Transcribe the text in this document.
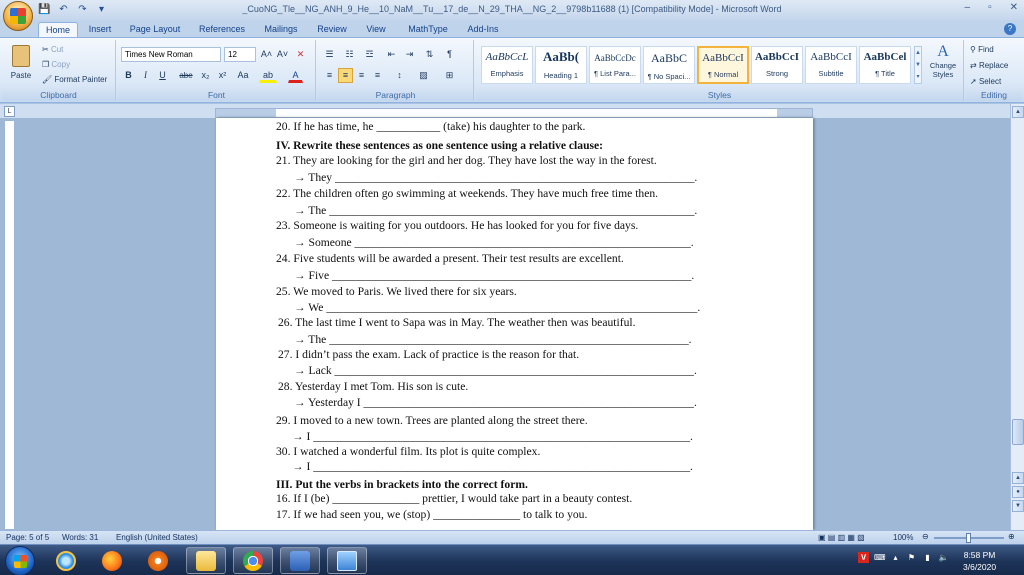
💾 ↶ ↷	▾	_CuoNG_Tle__NG_ANH_9_He__10_NaM__Tu__17_de__N_29_THA__NG_2__9798b11688 (1) [Compatibility Mode] - Microsoft Word	– ▫ ✕
Home	Insert	Page Layout	References	Mailings	Review	View	MathType	Add-Ins	?
Paste
✂ Cut
❐ Copy
🖌 Format Painter
Clipboard
Times New Roman	12	A˄ A˅ ✕
B	I	U	abe x₂	x²	Aa	ab	A
Font
☰	☷	☲	⇤	⇥	⇅	¶
≡	≡	≡	≡	↕	▨	⊞
Paragraph
AaBbCcL
Emphasis
AaBb(
Heading 1
AaBbCcDc
¶ List Para...
AaBbC
¶ No Spaci...
AaBbCcI
¶ Normal
AaBbCcI
Strong
AaBbCcI
Subtitle
AaBbCel
¶ Title
▲
▼
▾
A
Change Styles
Styles
⚲ Find
⇄ Replace
➚ Select
Editing
L
20. If he has time, he ___________ (take) his daughter to the park.
IV. Rewrite these sentences as one sentence using a relative clause:
21. They are looking for the girl and her dog. They have lost the way in the forest.
→ They ______________________________________________________________.
22. The children often go swimming at weekends. They have much free time then.
→ The _______________________________________________________________.
23. Someone is waiting for you outdoors. He has looked for you for five days.
→ Someone __________________________________________________________.
24. Five students will be awarded a present. Their test results are excellent.
→ Five ______________________________________________________________.
25. We moved to Paris. We lived there for six years.
→ We ________________________________________________________________.
26. The last time I went to Sapa was in May. The weather then was beautiful.
→ The ______________________________________________________________.
27. I didn’t pass the exam. Lack of practice is the reason for that.
→ Lack ______________________________________________________________.
28. Yesterday I met Tom. His son is cute.
→ Yesterday I _________________________________________________________.
29. I moved to a new town. Trees are planted along the street there.
→ I _________________________________________________________________.
30. I watched a wonderful film. Its plot is quite complex.
→ I _________________________________________________________________.
III. Put the verbs in brackets into the correct form.
16. If I (be) _______________ prettier, I would take part in a beauty contest.
17. If we had seen you, we (stop) _______________ to talk to you.
▲
▲
●
▼
Page: 5 of 5 Words: 31 English (United States)	▣ ▤ ▥ ▦ ▧	100% ⊖	⊕
V ⌨ ▴	⚑	▮	🔈 8:58 PM
3/6/2020
